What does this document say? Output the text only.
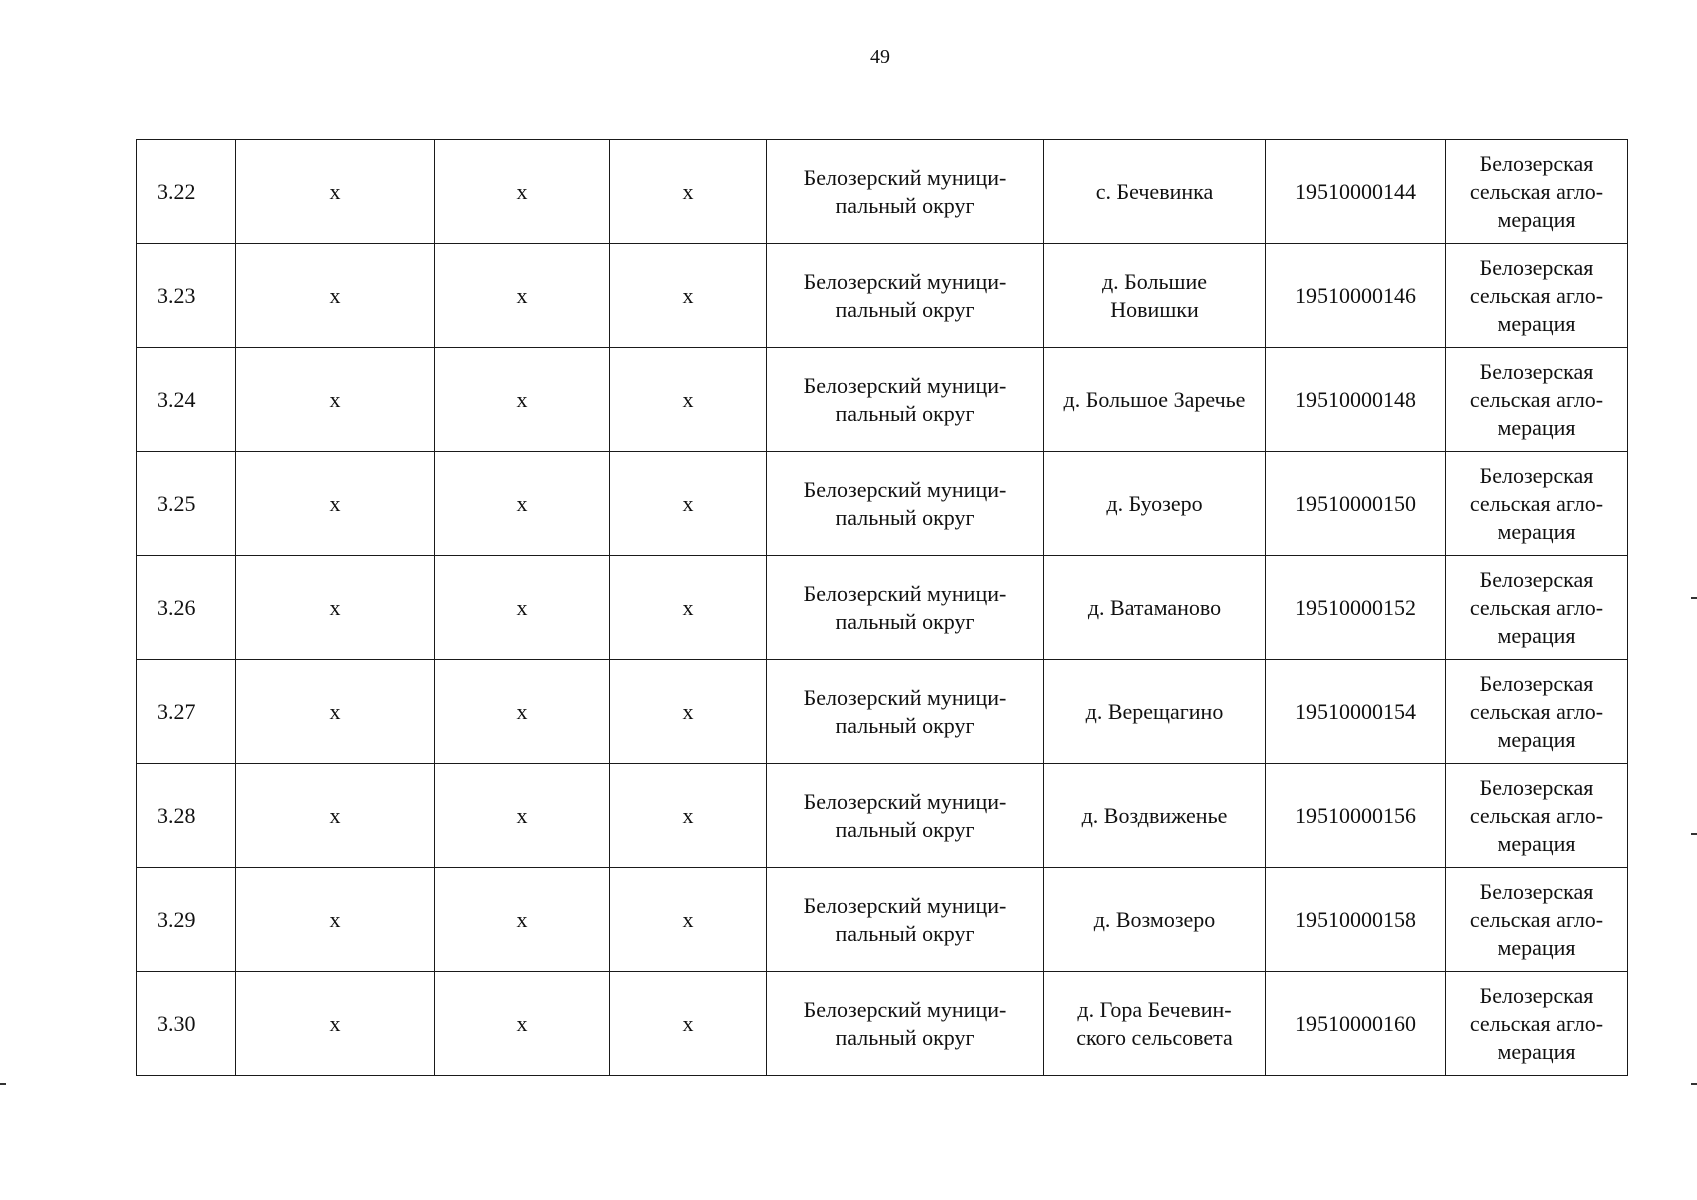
49
3.22	x	x	x	Белозерский муници-
пальный округ	с. Бечевинка	19510000144	Белозерская
сельская агло-
мерация
3.23	x	x	x	Белозерский муници-
пальный округ	д. Большие
Новишки	19510000146	Белозерская
сельская агло-
мерация
3.24	x	x	x	Белозерский муници-
пальный округ	д. Большое Заречье	19510000148	Белозерская
сельская агло-
мерация
3.25	x	x	x	Белозерский муници-
пальный округ	д. Буозеро	19510000150	Белозерская
сельская агло-
мерация
3.26	x	x	x	Белозерский муници-
пальный округ	д. Ватаманово	19510000152	Белозерская
сельская агло-
мерация
3.27	x	x	x	Белозерский муници-
пальный округ	д. Верещагино	19510000154	Белозерская
сельская агло-
мерация
3.28	x	x	x	Белозерский муници-
пальный округ	д. Воздвиженье	19510000156	Белозерская
сельская агло-
мерация
3.29	x	x	x	Белозерский муници-
пальный округ	д. Возмозеро	19510000158	Белозерская
сельская агло-
мерация
3.30	x	x	x	Белозерский муници-
пальный округ	д. Гора Бечевин-
ского сельсовета	19510000160	Белозерская
сельская агло-
мерация
